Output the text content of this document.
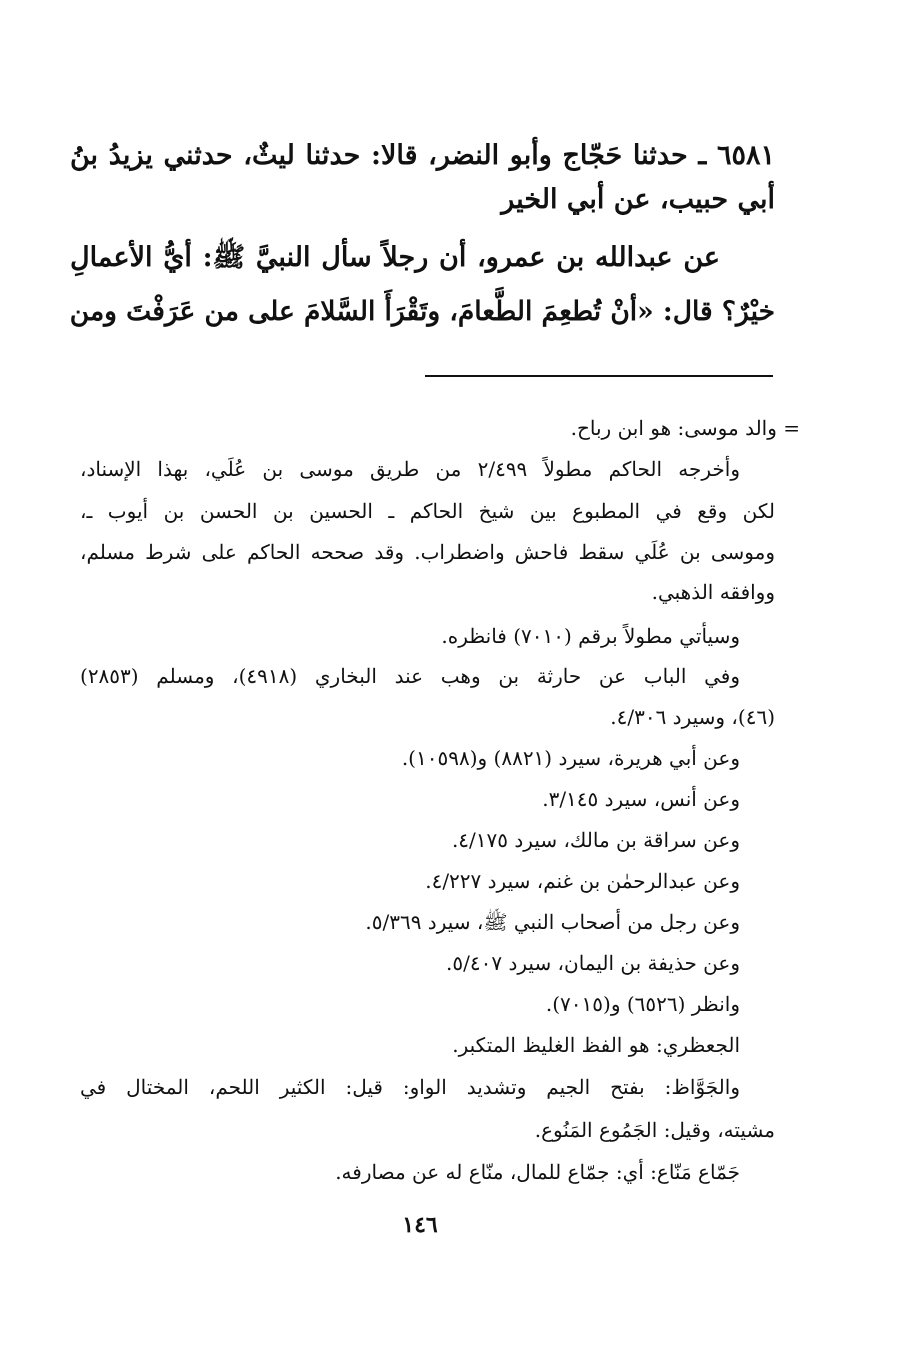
٦٥٨١ ـ حدثنا حَجّاج وأبو النضر، قالا: حدثنا ليثٌ، حدثني يزيدُ بنُ
أبي حبيب، عن أبي الخير
عن عبدالله بن عمرو، أن رجلاً سأل النبيَّ ﷺ: أيُّ الأعمالِ
خيْرٌ؟ قال: «أنْ تُطعِمَ الطَّعامَ، وتَقْرَأَ السَّلامَ على من عَرَفْتَ ومن
= والد موسى: هو ابن رباح.
وأخرجه الحاكم مطولاً ٢/٤٩٩ من طريق موسى بن عُلَي، بهذا الإسناد،
لكن وقع في المطبوع بين شيخ الحاكم ـ الحسين بن الحسن بن أيوب ـ،
وموسى بن عُلَي سقط فاحش واضطراب. وقد صححه الحاكم على شرط مسلم،
ووافقه الذهبي.
وسيأتي مطولاً برقم (٧٠١٠) فانظره.
وفي الباب عن حارثة بن وهب عند البخاري (٤٩١٨)، ومسلم (٢٨٥٣)
(٤٦)، وسيرد ٤/٣٠٦.
وعن أبي هريرة، سيرد (٨٨٢١) و(١٠٥٩٨).
وعن أنس، سيرد ٣/١٤٥.
وعن سراقة بن مالك، سيرد ٤/١٧٥.
وعن عبدالرحمٰن بن غنم، سيرد ٤/٢٢٧.
وعن رجل من أصحاب النبي ﷺ، سيرد ٥/٣٦٩.
وعن حذيفة بن اليمان، سيرد ٥/٤٠٧.
وانظر (٦٥٢٦) و(٧٠١٥).
الجعظري: هو الفظ الغليظ المتكبر.
والجَوَّاظ: بفتح الجيم وتشديد الواو: قيل: الكثير اللحم، المختال في
مشيته، وقيل: الجَمُوع المَنُوع.
جَمّاع مَنّاع: أي: جمّاع للمال، منّاع له عن مصارفه.
١٤٦
